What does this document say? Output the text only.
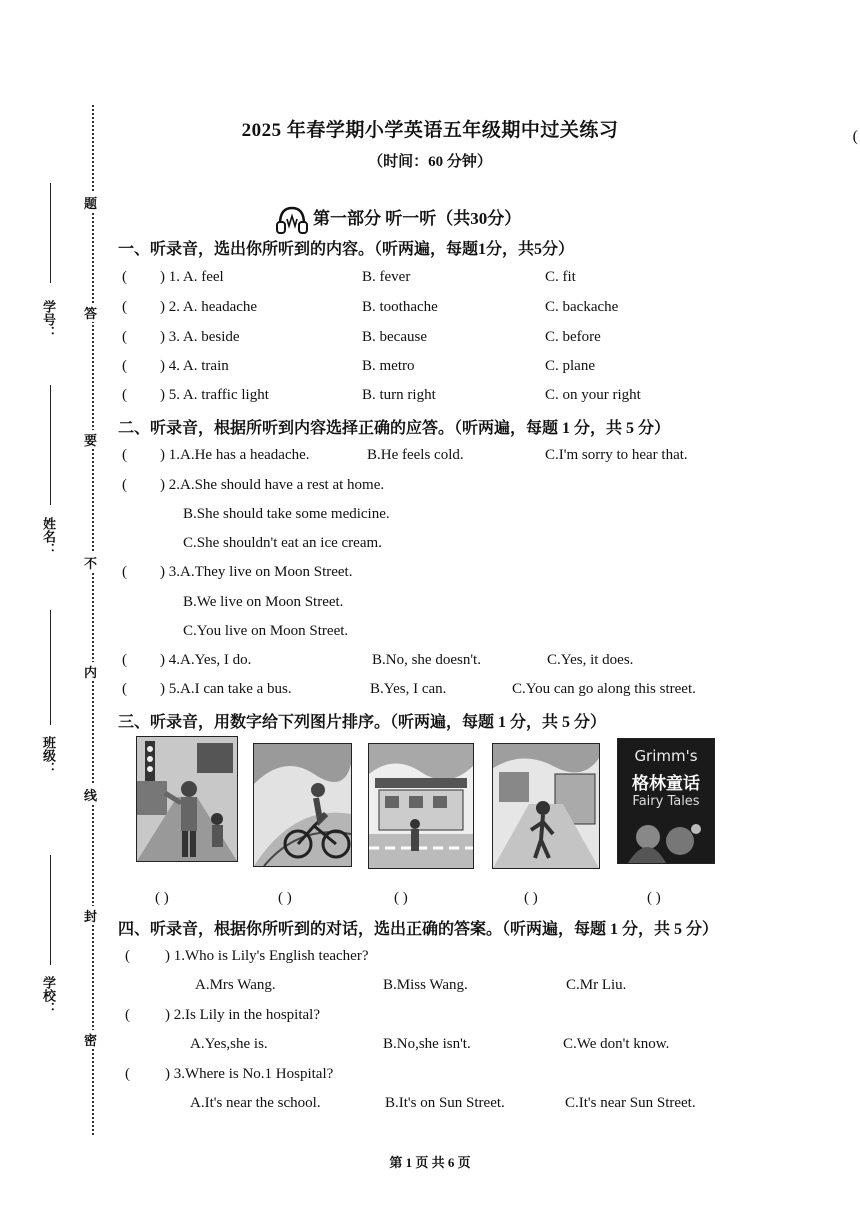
学号：
姓名：
班级：
学校：
题
答
要
不
内
线
封
密
(
2025 年春学期小学英语五年级期中过关练习
（时间：60 分钟）
第一部分 听一听（共30分）
一、听录音，选出你所听到的内容。（听两遍，每题1分，共5分）
( ) 1. A. feel	B. fever	C. fit
( ) 2. A. headache	B. toothache	C. backache
( ) 3. A. beside	B. because	C. before
( ) 4. A. train	B. metro	C. plane
( ) 5. A. traffic light	B. turn right	C. on your right
二、听录音，根据所听到内容选择正确的应答。（听两遍，每题 1 分，共 5 分）
( ) 1.A.He has a headache.	B.He feels cold.	C.I'm sorry to hear that.
( ) 2.A.She should have a rest at home.
B.She should take some medicine.
C.She shouldn't eat an ice cream.
( ) 3.A.They live on Moon Street.
B.We live on Moon Street.
C.You live on Moon Street.
( ) 4.A.Yes, I do.	B.No, she doesn't.	C.Yes, it does.
( ) 5.A.I can take a bus.	B.Yes, I can.	C.You can go along this street.
三、听录音，用数字给下列图片排序。（听两遍，每题 1 分，共 5 分）
Grimm's
格林童话
Fairy Tales
( )	( )	( )	( )	( )
四、听录音，根据你所听到的对话，选出正确的答案。（听两遍，每题 1 分，共 5 分）
( ) 1.Who is Lily's English teacher?
A.Mrs Wang.	B.Miss Wang.	C.Mr Liu.
( ) 2.Is Lily in the hospital?
A.Yes,she is.	B.No,she isn't.	C.We don't know.
( ) 3.Where is No.1 Hospital?
A.It's near the school.	B.It's on Sun Street.	C.It's near Sun Street.
第 1 页 共 6 页
